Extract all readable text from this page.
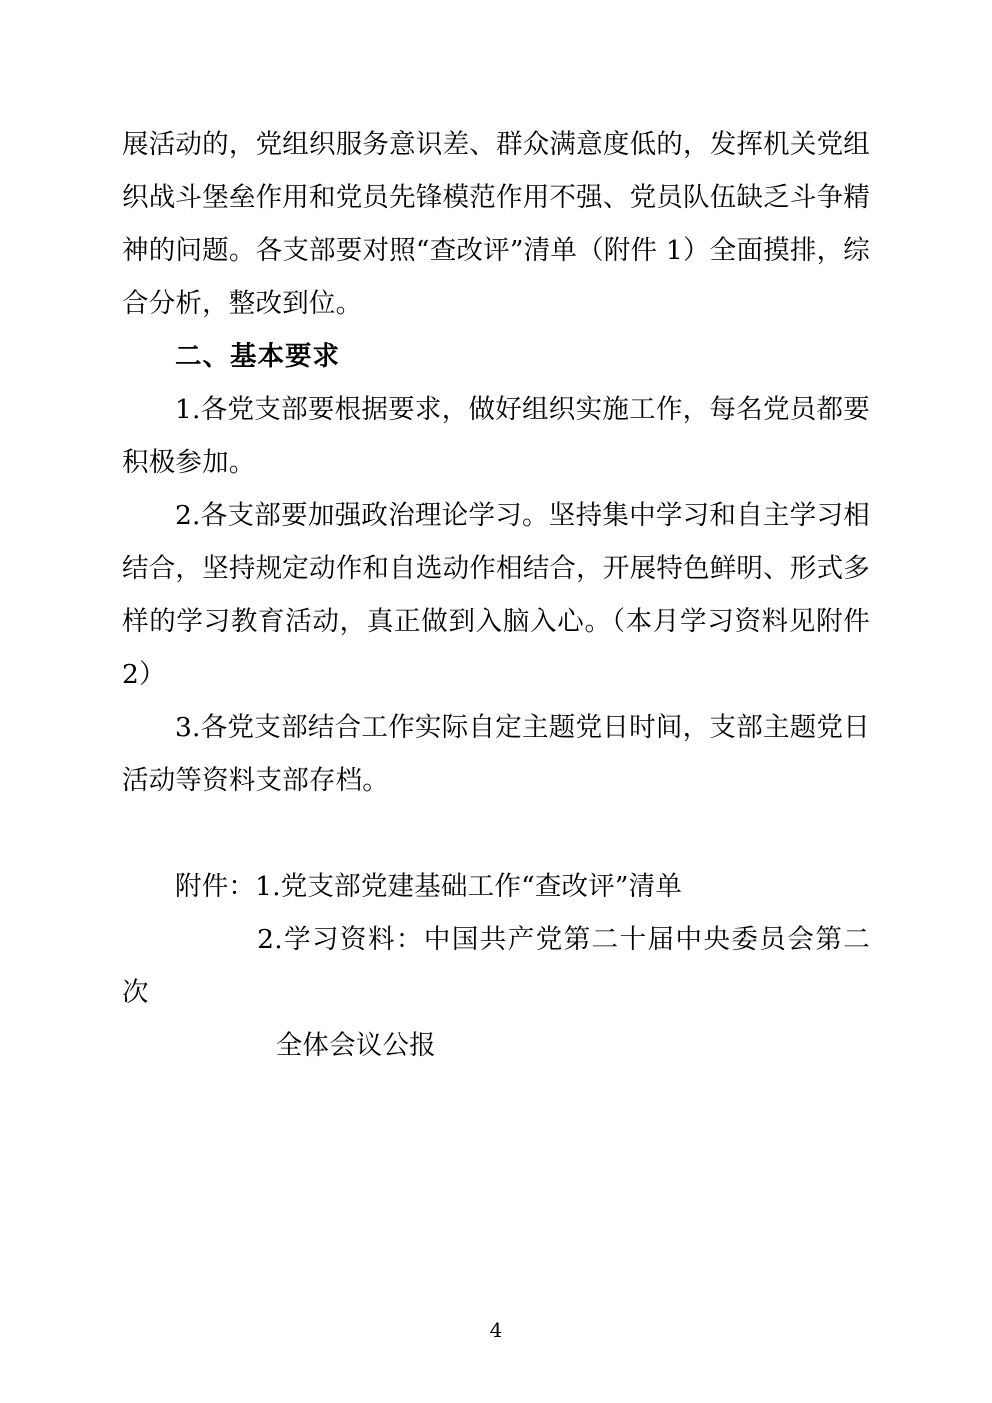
展活动的，党组织服务意识差、群众满意度低的，发挥机关党组织战斗堡垒作用和党员先锋模范作用不强、党员队伍缺乏斗争精神的问题。各支部要对照“查改评”清单（附件 1）全面摸排，综合分析，整改到位。

二、基本要求

1.各党支部要根据要求，做好组织实施工作，每名党员都要积极参加。

2.各支部要加强政治理论学习。坚持集中学习和自主学习相结合，坚持规定动作和自选动作相结合，开展特色鲜明、形式多样的学习教育活动，真正做到入脑入心。（本月学习资料见附件 2）

3.各党支部结合工作实际自定主题党日时间，支部主题党日活动等资料支部存档。

附件：1.党支部党建基础工作“查改评”清单

2.学习资料：中国共产党第二十届中央委员会第二次

全体会议公报

4
